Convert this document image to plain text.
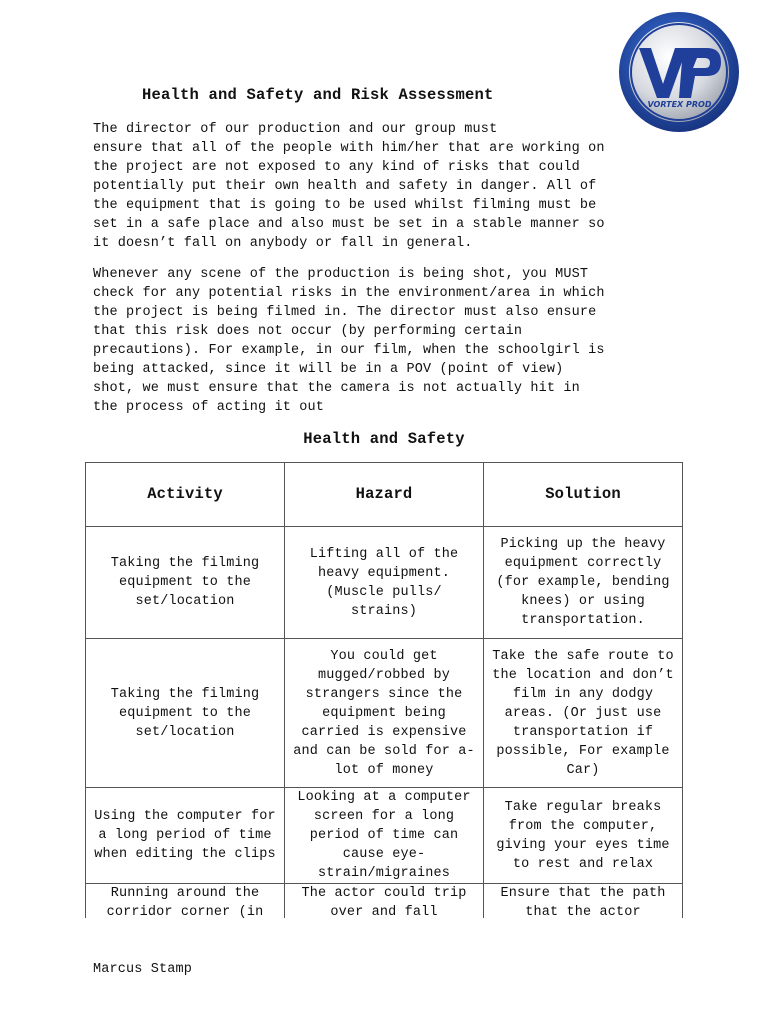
Health and Safety and Risk Assessment
VORTEX PROD.
The director of our production and our group must
ensure that all of the people with him/her that are working on
the project are not exposed to any kind of risks that could
potentially put their own health and safety in danger. All of
the equipment that is going to be used whilst filming must be
set in a safe place and also must be set in a stable manner so
it doesn’t fall on anybody or fall in general.
Whenever any scene of the production is being shot, you MUST
check for any potential risks in the environment/area in which
the project is being filmed in. The director must also ensure
that this risk does not occur (by performing certain
precautions). For example, in our film, when the schoolgirl is
being attacked, since it will be in a POV (point of view)
shot, we must ensure that the camera is not actually hit in
the process of acting it out
Health and Safety
Activity	Hazard	Solution
Taking the filming equipment to the set/location	Lifting all of the heavy equipment. (Muscle pulls/ strains)	Picking up the heavy equipment correctly (for example, bending knees) or using transportation.
Taking the filming equipment to the set/location	You could get mugged/robbed by strangers since the equipment being carried is expensive and can be sold for a-lot of money	Take the safe route to the location and don’t film in any dodgy areas. (Or just use transportation if possible, For example Car)
Using the computer for a long period of time when editing the clips	Looking at a computer screen for a long period of time can cause eye-strain/migraines	Take regular breaks from the computer, giving your eyes time to rest and relax
Running around the corridor corner (in	The actor could trip over and fall	Ensure that the path that the actor
Marcus Stamp
